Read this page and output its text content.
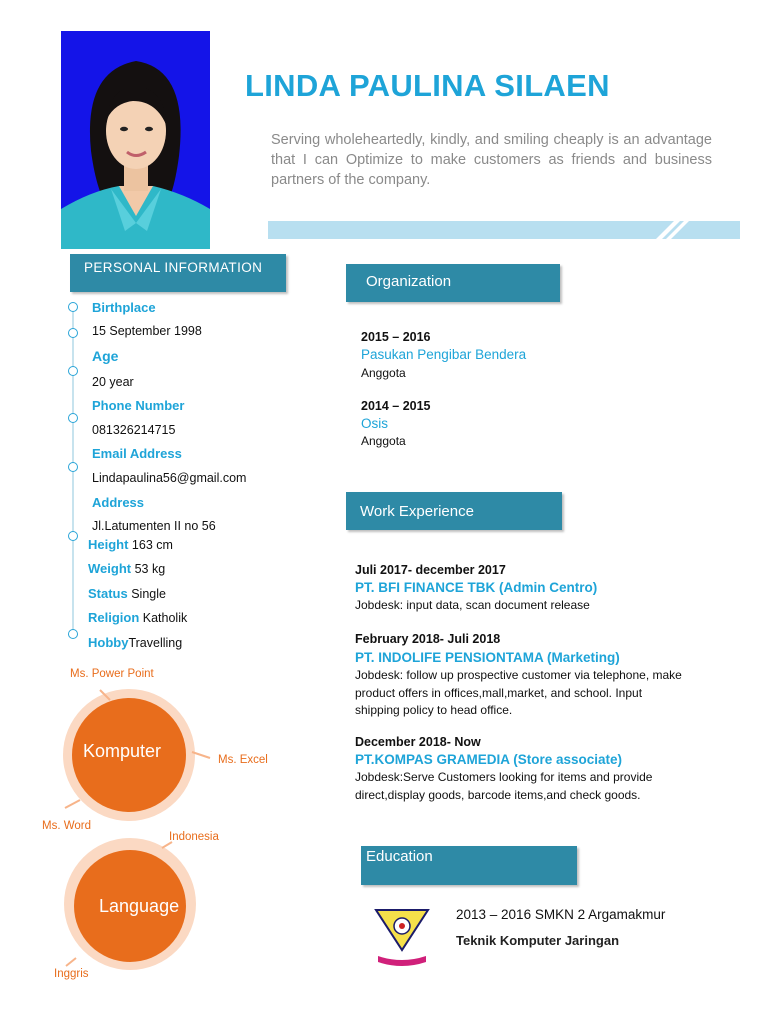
LINDA PAULINA SILAEN
Serving wholeheartedly, kindly, and smiling cheaply is an advantage that I can Optimize to make customers as friends and business partners of the company.
PERSONAL INFORMATION
Birthplace
15 September 1998
Age
20 year
Phone Number
081326214715
Email Address
Lindapaulina56@gmail.com
Address
Jl.Latumenten II no 56
Height 163 cm
Weight 53 kg
Status Single
Religion Katholik
HobbyTravelling
Komputer
Ms. Power Point
Ms. Excel
Ms. Word
Language
Indonesia
Inggris
Organization
2015 – 2016
Pasukan Pengibar Bendera
Anggota
2014 – 2015
Osis
Anggota
Work Experience
Juli 2017- december 2017
PT. BFI FINANCE TBK (Admin Centro)
Jobdesk: input data, scan document release
February 2018- Juli 2018
PT. INDOLIFE PENSIONTAMA (Marketing)
Jobdesk: follow up prospective customer via telephone, make product offers in offices,mall,market, and school. Input shipping policy to head office.
December 2018- Now
PT.KOMPAS GRAMEDIA (Store associate)
Jobdesk:Serve Customers looking for items and provide direct,display goods, barcode items,and check goods.
Education
2013 – 2016 SMKN 2 Argamakmur
Teknik Komputer Jaringan
